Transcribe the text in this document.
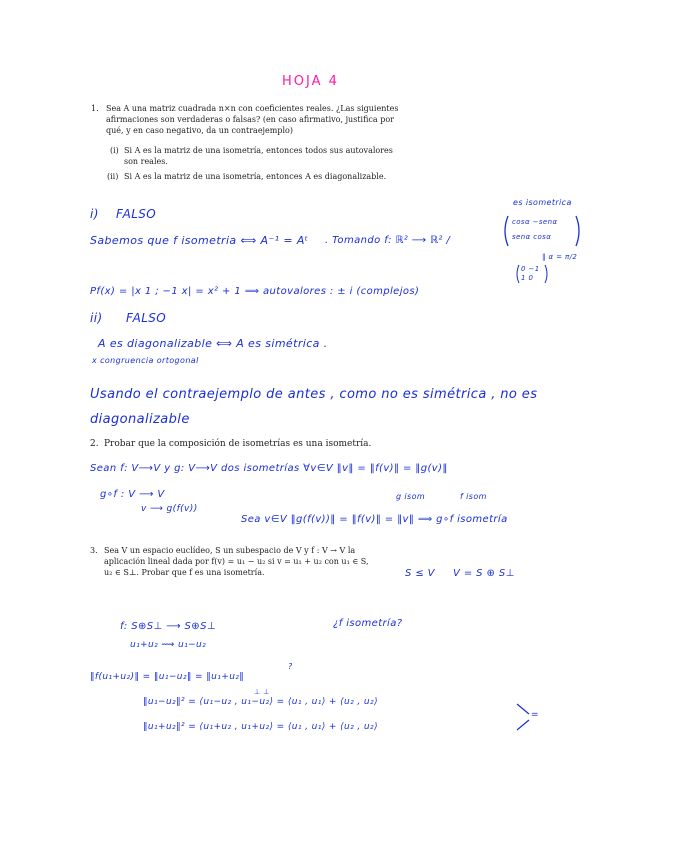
HOJA 4
1. Sea A una matriz cuadrada n×n con coeficientes reales. ¿Las siguientes
afirmaciones son verdaderas o falsas? (en caso afirmativo, justifica por
qué, y en caso negativo, da un contraejemplo)
(i) Si A es la matriz de una isometría, entonces todos sus autovalores
son reales.
(ii) Si A es la matriz de una isometría, entonces A es diagonalizable.
es isometrica
i) FALSO
Sabemos que f isometria ⟺ A⁻¹ = Aᵗ . Tomando f: ℝ² ⟶ ℝ² /
cosα −senα
senα cosα
‖ α = π/2
0 −1
1 0
Pf(x) = |x 1 ; −1 x| = x² + 1 ⟹ autovalores : ± i (complejos)
ii) FALSO
A es diagonalizable ⟺ A es simétrica .
x congruencia ortogonal
Usando el contraejemplo de antes , como no es simétrica , no es
diagonalizable
2. Probar que la composición de isometrías es una isometría.
Sean f: V⟶V y g: V⟶V dos isometrías ∀v∈V ‖v‖ = ‖f(v)‖ = ‖g(v)‖
g∘f : V ⟶ V
v ⟶ g(f(v))
g isom	f isom
Sea v∈V ‖g(f(v))‖ = ‖f(v)‖ = ‖v‖ ⟹ g∘f isometría
3. Sea V un espacio euclídeo, S un subespacio de V y f : V → V la
aplicación lineal dada por f(v) = u₁ − u₂ si v = u₁ + u₂ con u₁ ∈ S,
u₂ ∈ S⊥. Probar que f es una isometría.	S ≤ V V = S ⊕ S⊥
f: S⊕S⊥ ⟶ S⊕S⊥	¿f isometría?
u₁+u₂ ⟿ u₁−u₂
?
‖f(u₁+u₂)‖ = ‖u₁−u₂‖ = ‖u₁+u₂‖
⊥ ⊥
‖u₁−u₂‖² = ⟨u₁−u₂ , u₁−u₂⟩ = ⟨u₁ , u₁⟩ + ⟨u₂ , u₂⟩
‖u₁+u₂‖² = ⟨u₁+u₂ , u₁+u₂⟩ = ⟨u₁ , u₁⟩ + ⟨u₂ , u₂⟩
=
